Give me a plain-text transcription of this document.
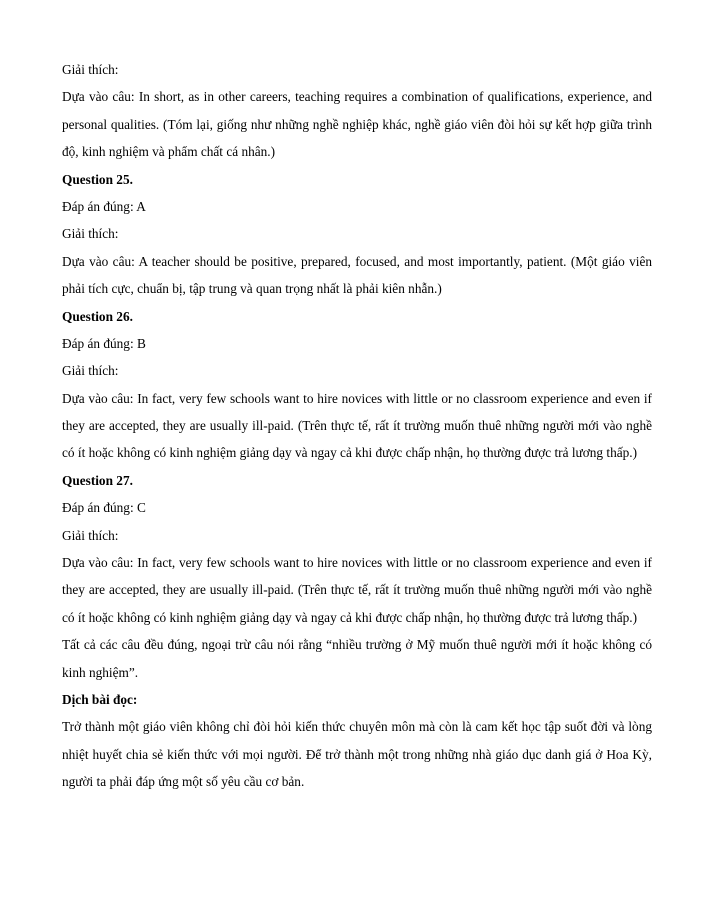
Giải thích:

Dựa vào câu: In short, as in other careers, teaching requires a combination of qualifications, experience, and personal qualities. (Tóm lại, giống như những nghề nghiệp khác, nghề giáo viên đòi hỏi sự kết hợp giữa trình độ, kinh nghiệm và phẩm chất cá nhân.)

Question 25.

Đáp án đúng: A

Giải thích:

Dựa vào câu: A teacher should be positive, prepared, focused, and most importantly, patient. (Một giáo viên phải tích cực, chuẩn bị, tập trung và quan trọng nhất là phải kiên nhẫn.)

Question 26.

Đáp án đúng: B

Giải thích:

Dựa vào câu: In fact, very few schools want to hire novices with little or no classroom experience and even if they are accepted, they are usually ill-paid. (Trên thực tế, rất ít trường muốn thuê những người mới vào nghề có ít hoặc không có kinh nghiệm giảng dạy và ngay cả khi được chấp nhận, họ thường được trả lương thấp.)

Question 27.

Đáp án đúng: C

Giải thích:

Dựa vào câu: In fact, very few schools want to hire novices with little or no classroom experience and even if they are accepted, they are usually ill-paid. (Trên thực tế, rất ít trường muốn thuê những người mới vào nghề có ít hoặc không có kinh nghiệm giảng dạy và ngay cả khi được chấp nhận, họ thường được trả lương thấp.)

Tất cả các câu đều đúng, ngoại trừ câu nói rằng “nhiều trường ở Mỹ muốn thuê người mới ít hoặc không có kinh nghiệm”.

Dịch bài đọc:

Trở thành một giáo viên không chỉ đòi hỏi kiến thức chuyên môn mà còn là cam kết học tập suốt đời và lòng nhiệt huyết chia sẻ kiến thức với mọi người. Để trở thành một trong những nhà giáo dục danh giá ở Hoa Kỳ, người ta phải đáp ứng một số yêu cầu cơ bản.
